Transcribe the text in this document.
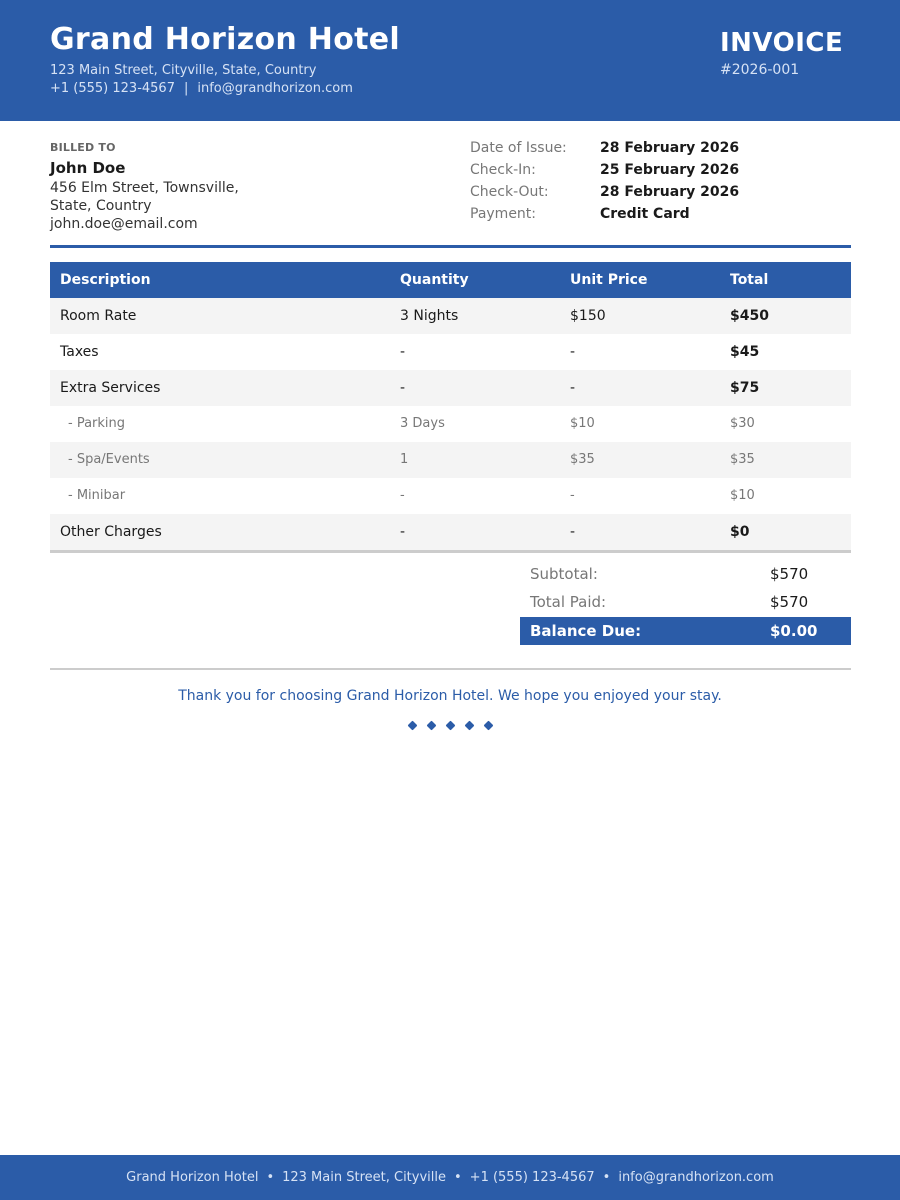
Grand Horizon Hotel
123 Main Street, Cityville, State, Country
+1 (555) 123-4567 | info@grandhorizon.com
INVOICE
#2026-001
BILLED TO
John Doe
456 Elm Street, Townsville,
State, Country
john.doe@email.com
Date of Issue: 28 February 2026
Check-In:	25 February 2026
Check-Out:	28 February 2026
Payment:	Credit Card
Description	Quantity	Unit Price	Total
Room Rate	3 Nights	$150	$450
Taxes	-	-	$45
Extra Services	-	-	$75
- Parking	3 Days	$10	$30
- Spa/Events	1	$35	$35
- Minibar	-	-	$10
Other Charges	-	-	$0
Subtotal:	$570
Total Paid:	$570
Balance Due:	$0.00
Thank you for choosing Grand Horizon Hotel. We hope you enjoyed your stay.
Grand Horizon Hotel • 123 Main Street, Cityville • +1 (555) 123-4567 • info@grandhorizon.com
